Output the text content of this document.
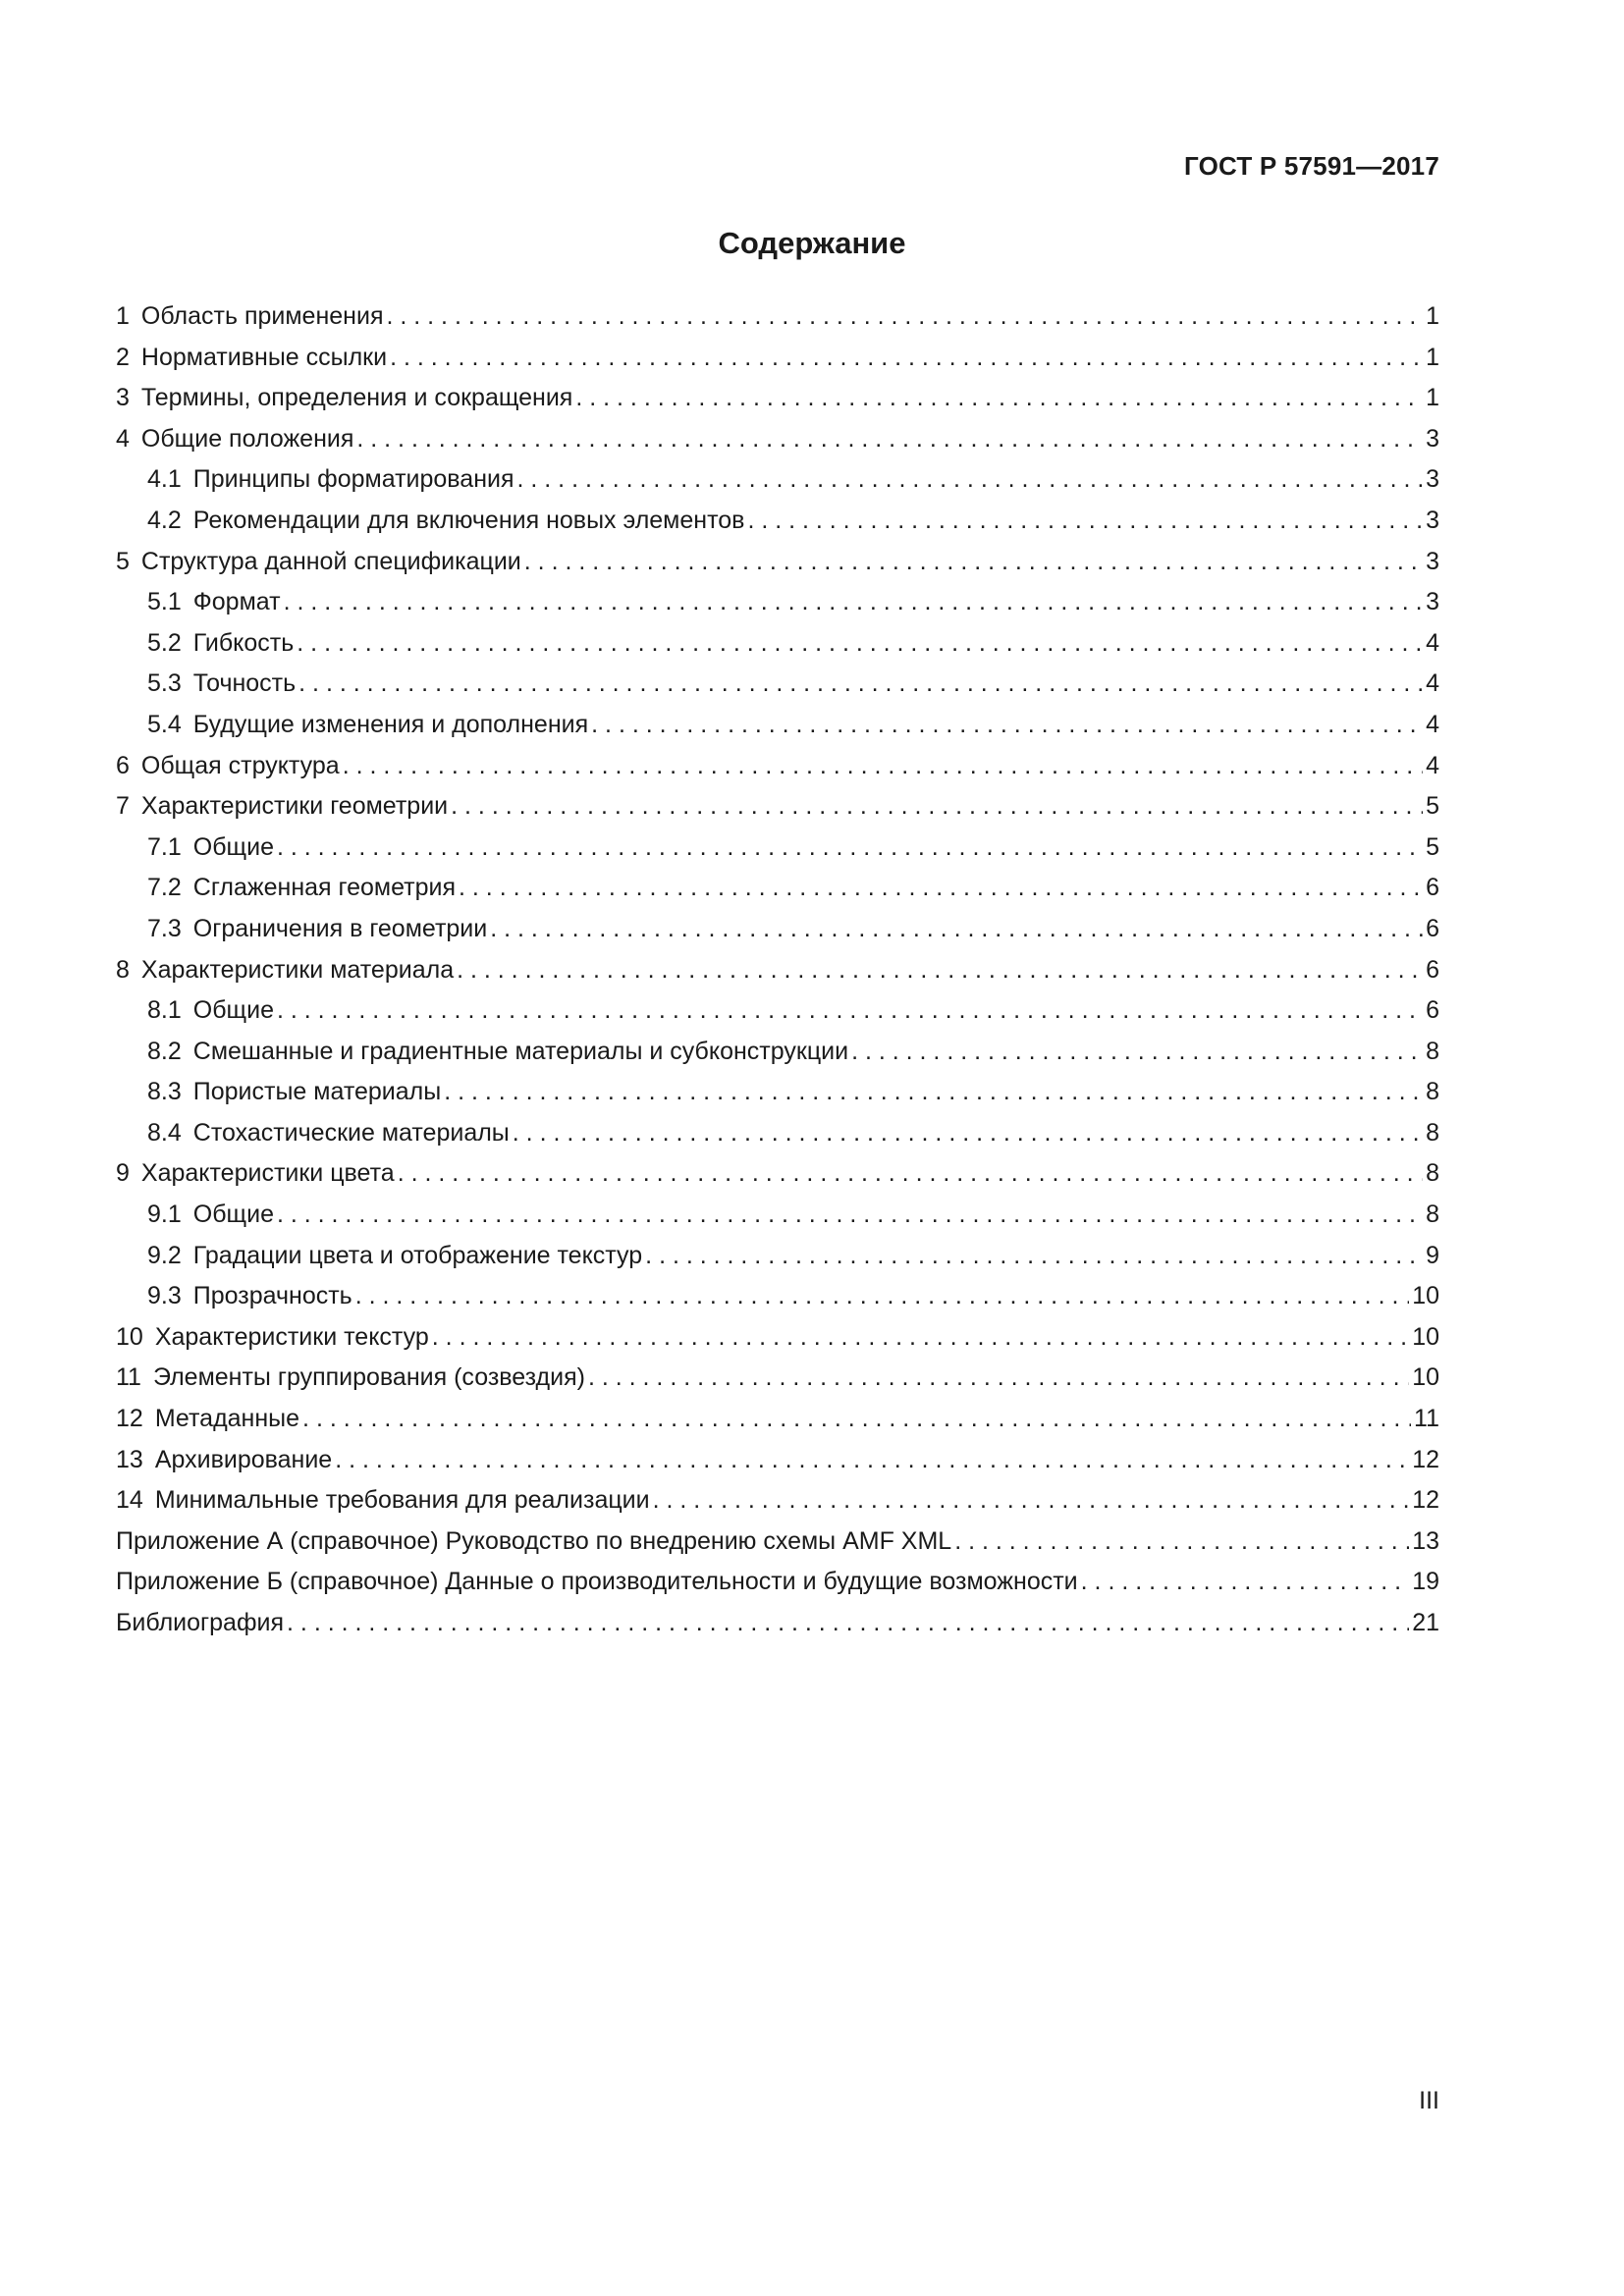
ГОСТ Р 57591—2017
Содержание
1 Область применения . . .	1
2 Нормативные ссылки . . .	1
3 Термины, определения и сокращения . . .	1
4 Общие положения . . .	3
4.1 Принципы форматирования . . .	3
4.2 Рекомендации для включения новых элементов . . .	3
5 Структура данной спецификации . . .	3
5.1 Формат . . .	3
5.2 Гибкость . . .	4
5.3 Точность . . .	4
5.4 Будущие изменения и дополнения . . .	4
6 Общая структура . . .	4
7 Характеристики геометрии . . .	5
7.1 Общие . . .	5
7.2 Сглаженная геометрия . . .	6
7.3 Ограничения в геометрии . . .	6
8 Характеристики материала . . .	6
8.1 Общие . . .	6
8.2 Смешанные и градиентные материалы и субконструкции . . .	8
8.3 Пористые материалы . . .	8
8.4 Стохастические материалы . . .	8
9 Характеристики цвета . . .	8
9.1 Общие . . .	8
9.2 Градации цвета и отображение текстур . . .	9
9.3 Прозрачность . . .	10
10 Характеристики текстур . . .	10
11 Элементы группирования (созвездия) . . .	10
12 Метаданные . . .	11
13 Архивирование . . .	12
14 Минимальные требования для реализации . . .	12
Приложение А (справочное) Руководство по внедрению схемы AMF XML . . .	13
Приложение Б (справочное) Данные о производительности и будущие возможности . . .	19
Библиография . . .	21
III
